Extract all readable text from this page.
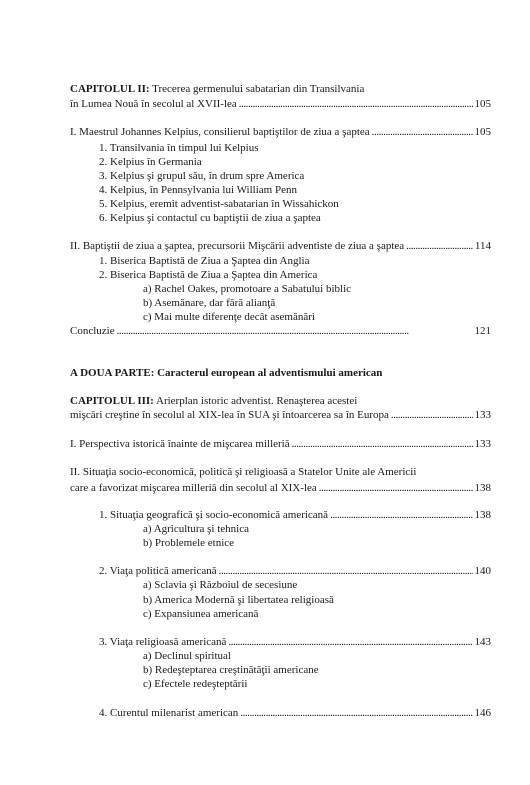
CAPITOLUL II: Trecerea germenului sabatarian din Transilvania
în Lumea Nouă în secolul al XVII-lea . . .	105
I. Maestrul Johannes Kelpius, consilierul baptiştilor de ziua a şaptea . . .	105
1. Transilvania în timpul lui Kelpius
2. Kelpius în Germania
3. Kelpius şi grupul său, în drum spre America
4. Kelpius, în Pennsylvania lui William Penn
5. Kelpius, eremit adventist-sabatarian în Wissahickon
6. Kelpius şi contactul cu baptiştii de ziua a şaptea
II. Baptiştii de ziua a şaptea, precursorii Mişcării adventiste de ziua a şaptea . . .	114
1. Biserica Baptistă de Ziua a Şaptea din Anglia
2. Biserica Baptistă de Ziua a Şaptea din America
a) Rachel Oakes, promotoare a Sabatului biblic
b) Asemănare, dar fără alianţă
c) Mai multe diferenţe decât asemănări
Concluzie . . .	121
A DOUA PARTE: Caracterul european al adventismului american
CAPITOLUL III: Arierplan istoric adventist. Renaşterea acestei
mişcări creştine în secolul al XIX-lea în SUA şi întoarcerea sa în Europa . . .	133
I. Perspectiva istorică înainte de mişcarea milleriă . . .	133
II. Situaţia socio-economică, politică şi religioasă a Statelor Unite ale Americii
care a favorizat mişcarea milleriă din secolul al XIX-lea . . .	138
1. Situaţia geografică şi socio-economică americană . . .	138
a) Agricultura şi tehnica
b) Problemele etnice
2. Viaţa politică americană . . .	140
a) Sclavia şi Războiul de secesiune
b) America Modernă şi libertatea religioasă
c) Expansiunea americană
3. Viaţa religioasă americană . . .	143
a) Declinul spiritual
b) Redeşteptarea creştinătăţii americane
c) Efectele redeşteptării
4. Curentul milenarist american . . .	146
